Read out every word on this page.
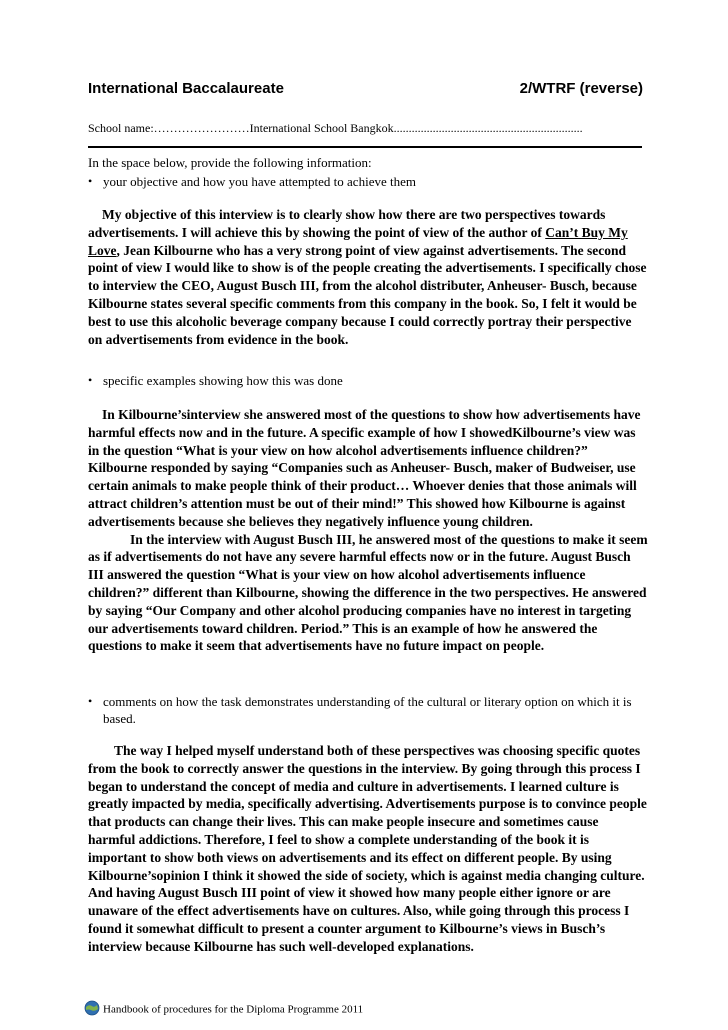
International Baccalaureate	2/WTRF (reverse)
School name:……………………International School Bangkok...............................................................
In the space below, provide the following information:
• your objective and how you have attempted to achieve them

My objective of this interview is to clearly show how there are two perspectives towards advertisements. I will achieve this by showing the point of view of the author of Can’t Buy My Love, Jean Kilbourne who has a very strong point of view against advertisements. The second point of view I would like to show is of the people creating the advertisements. I specifically chose to interview the CEO, August Busch III, from the alcohol distributer, Anheuser- Busch, because Kilbourne states several specific comments from this company in the book. So, I felt it would be best to use this alcoholic beverage company because I could correctly portray their perspective on advertisements from evidence in the book.

• specific examples showing how this was done

In Kilbourne’sinterview she answered most of the questions to show how advertisements have harmful effects now and in the future. A specific example of how I showedKilbourne’s view was in the question “What is your view on how alcohol advertisements influence children?” Kilbourne responded by saying “Companies such as Anheuser- Busch, maker of Budweiser, use certain animals to make people think of their product… Whoever denies that those animals will attract children’s attention must be out of their mind!” This showed how Kilbourne is against advertisements because she believes they negatively influence young children.

In the interview with August Busch III, he answered most of the questions to make it seem as if advertisements do not have any severe harmful effects now or in the future. August Busch III answered the question “What is your view on how alcohol advertisements influence children?” different than Kilbourne, showing the difference in the two perspectives. He answered by saying “Our Company and other alcohol producing companies have no interest in targeting our advertisements toward children. Period.” This is an example of how he answered the questions to make it seem that advertisements have no future impact on people.

• comments on how the task demonstrates understanding of the cultural or literary option on which it is based.

The way I helped myself understand both of these perspectives was choosing specific quotes from the book to correctly answer the questions in the interview. By going through this process I began to understand the concept of media and culture in advertisements. I learned culture is greatly impacted by media, specifically advertising. Advertisements purpose is to convince people that products can change their lives. This can make people insecure and sometimes cause harmful addictions. Therefore, I feel to show a complete understanding of the book it is important to show both views on advertisements and its effect on different people. By using Kilbourne’sopinion I think it showed the side of society, which is against media changing culture. And having August Busch III point of view it showed how many people either ignore or are unaware of the effect advertisements have on cultures. Also, while going through this process I found it somewhat difficult to present a counter argument to Kilbourne’s views in Busch’s interview because Kilbourne has such well-developed explanations.

Handbook of procedures for the Diploma Programme 2011
